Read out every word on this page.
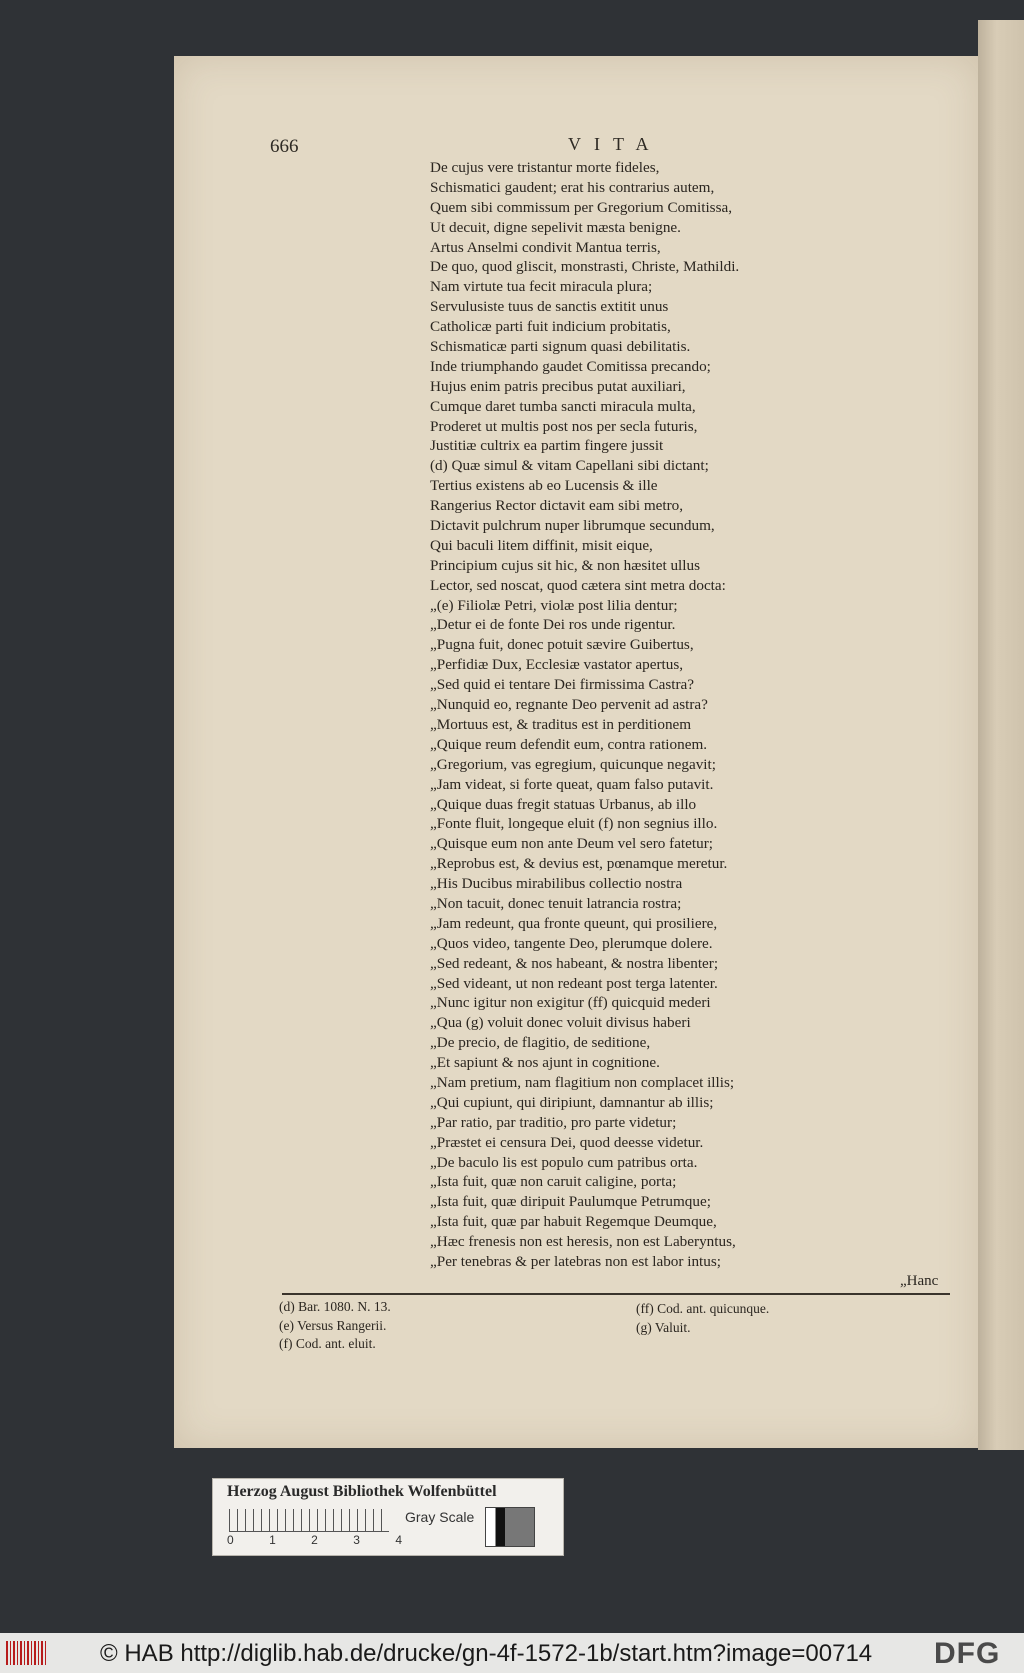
666	VITA
De cujus vere tristantur morte fideles,
Schismatici gaudent; erat his contrarius autem,
Quem sibi commissum per Gregorium Comitissa,
Ut decuit, digne sepelivit mæsta benigne.
Artus Anselmi condivit Mantua terris,
De quo, quod gliscit, monstrasti, Christe, Mathildi.
Nam virtute tua fecit miracula plura;
Servulusiste tuus de sanctis extitit unus
Catholicæ parti fuit indicium probitatis,
Schismaticæ parti signum quasi debilitatis.
Inde triumphando gaudet Comitissa precando;
Hujus enim patris precibus putat auxiliari,
Cumque daret tumba sancti miracula multa,
Proderet ut multis post nos per secla futuris,
Justitiæ cultrix ea partim fingere jussit
(d) Quæ simul & vitam Capellani sibi dictant;
Tertius existens ab eo Lucensis & ille
Rangerius Rector dictavit eam sibi metro,
Dictavit pulchrum nuper librumque secundum,
Qui baculi litem diffinit, misit eique,
Principium cujus sit hic, & non hæsitet ullus
Lector, sed noscat, quod cætera sint metra docta:
„(e) Filiolæ Petri, violæ post lilia dentur;
„Detur ei de fonte Dei ros unde rigentur.
„Pugna fuit, donec potuit sævire Guibertus,
„Perfidiæ Dux, Ecclesiæ vastator apertus,
„Sed quid ei tentare Dei firmissima Castra?
„Nunquid eo, regnante Deo pervenit ad astra?
„Mortuus est, & traditus est in perditionem
„Quique reum defendit eum, contra rationem.
„Gregorium, vas egregium, quicunque negavit;
„Jam videat, si forte queat, quam falso putavit.
„Quique duas fregit statuas Urbanus, ab illo
„Fonte fluit, longeque eluit (f) non segnius illo.
„Quisque eum non ante Deum vel sero fatetur;
„Reprobus est, & devius est, pœnamque meretur.
„His Ducibus mirabilibus collectio nostra
„Non tacuit, donec tenuit latrancia rostra;
„Jam redeunt, qua fronte queunt, qui prosiliere,
„Quos video, tangente Deo, plerumque dolere.
„Sed redeant, & nos habeant, & nostra libenter;
„Sed videant, ut non redeant post terga latenter.
„Nunc igitur non exigitur (ff) quicquid mederi
„Qua (g) voluit donec voluit divisus haberi
„De precio, de flagitio, de seditione,
„Et sapiunt & nos ajunt in cognitione.
„Nam pretium, nam flagitium non complacet illis;
„Qui cupiunt, qui diripiunt, damnantur ab illis;
„Par ratio, par traditio, pro parte videtur;
„Præstet ei censura Dei, quod deesse videtur.
„De baculo lis est populo cum patribus orta.
„Ista fuit, quæ non caruit caligine, porta;
„Ista fuit, quæ diripuit Paulumque Petrumque;
„Ista fuit, quæ par habuit Regemque Deumque,
„Hæc frenesis non est heresis, non est Laberyntus,
„Per tenebras & per latebras non est labor intus;
„Hanc
(d) Bar. 1080. N. 13.
(e) Versus Rangerii.
(f) Cod. ant. eluit.
(ff) Cod. ant. quicunque.
(g) Valuit.
Herzog August Bibliothek Wolfenbüttel
0	1	2	3	4
Gray Scale
© HAB http://diglib.hab.de/drucke/gn-4f-1572-1b/start.htm?image=00714 DFG
